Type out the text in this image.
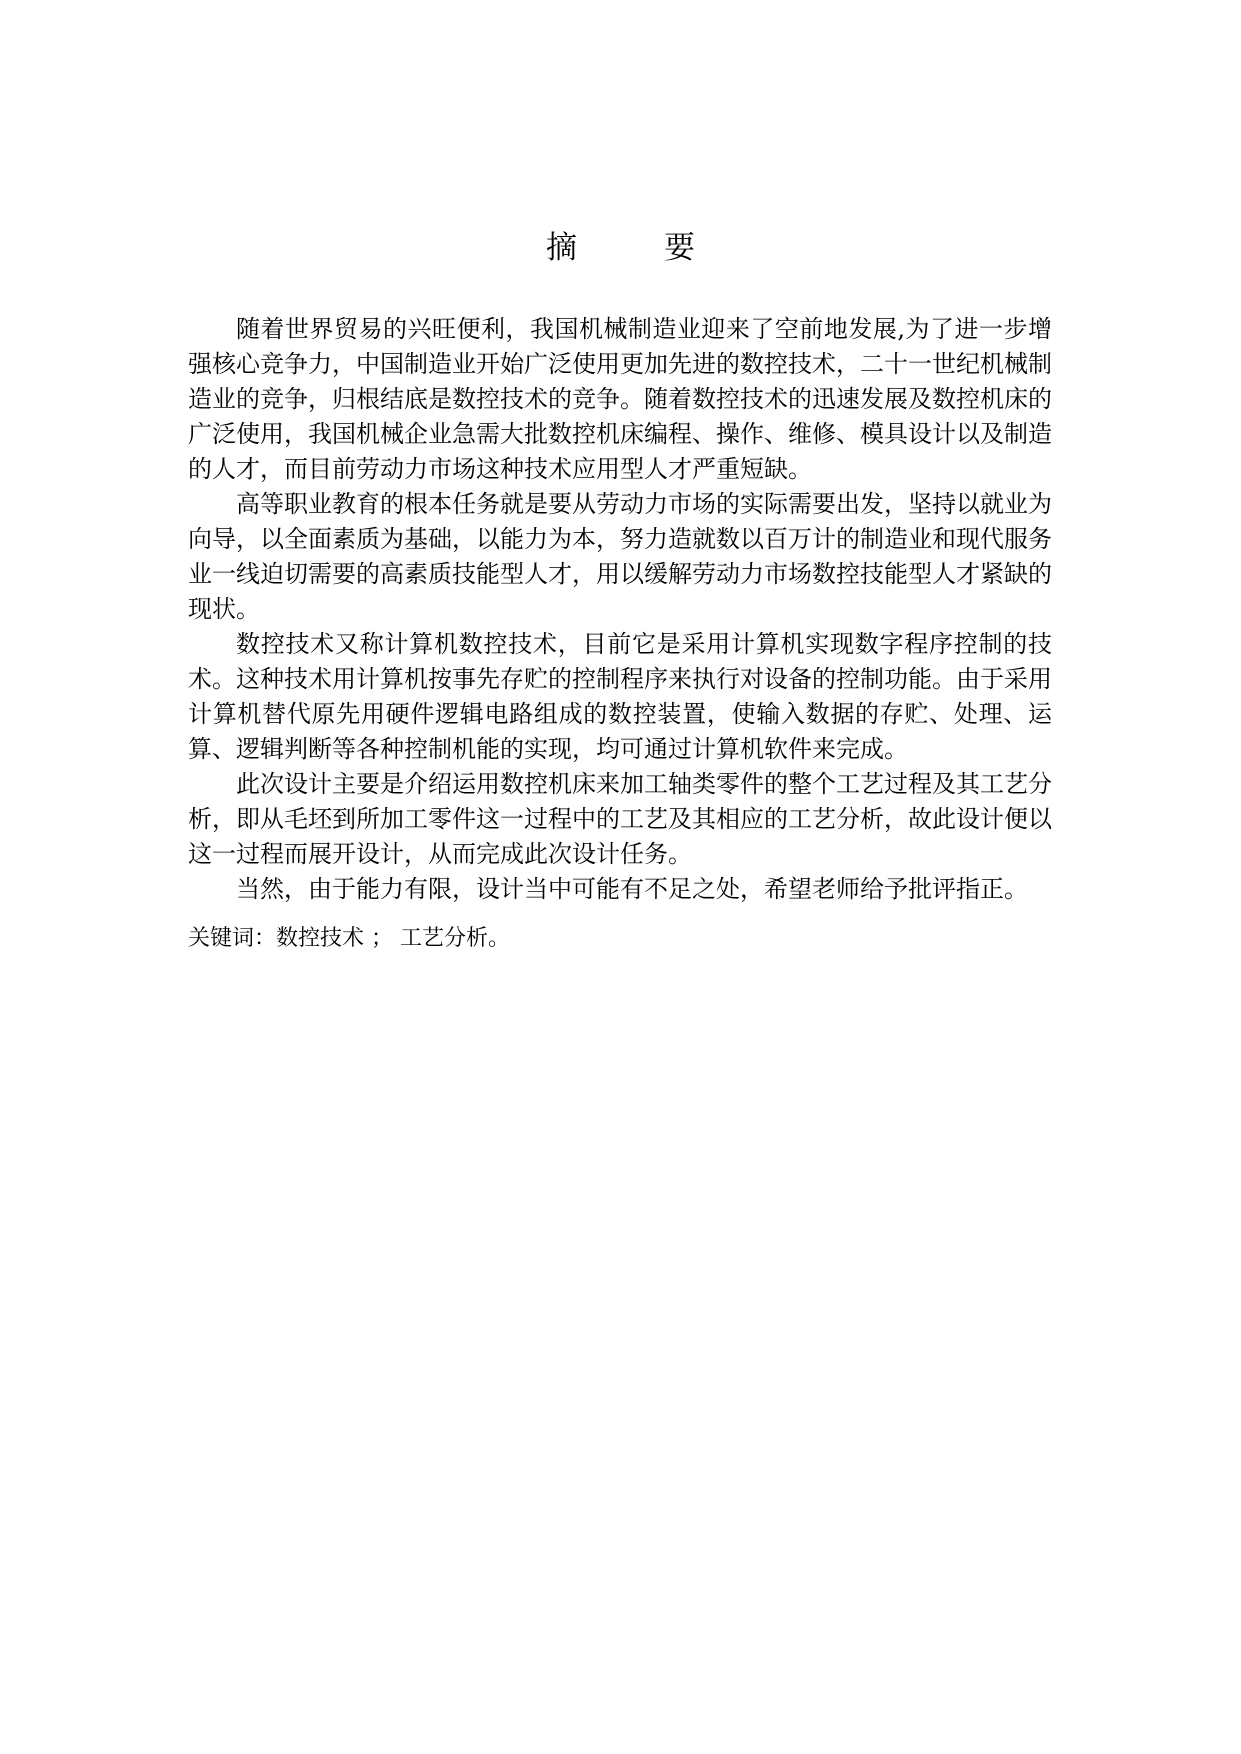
摘　要

随着世界贸易的兴旺便利，我国机械制造业迎来了空前地发展,为了进一步增强核心竞争力，中国制造业开始广泛使用更加先进的数控技术，二十一世纪机械制造业的竞争，归根结底是数控技术的竞争。随着数控技术的迅速发展及数控机床的广泛使用，我国机械企业急需大批数控机床编程、操作、维修、模具设计以及制造的人才，而目前劳动力市场这种技术应用型人才严重短缺。

高等职业教育的根本任务就是要从劳动力市场的实际需要出发，坚持以就业为向导，以全面素质为基础，以能力为本，努力造就数以百万计的制造业和现代服务业一线迫切需要的高素质技能型人才，用以缓解劳动力市场数控技能型人才紧缺的现状。

数控技术又称计算机数控技术，目前它是采用计算机实现数字程序控制的技术。这种技术用计算机按事先存贮的控制程序来执行对设备的控制功能。由于采用计算机替代原先用硬件逻辑电路组成的数控装置，使输入数据的存贮、处理、运算、逻辑判断等各种控制机能的实现，均可通过计算机软件来完成。

此次设计主要是介绍运用数控机床来加工轴类零件的整个工艺过程及其工艺分析，即从毛坯到所加工零件这一过程中的工艺及其相应的工艺分析，故此设计便以这一过程而展开设计，从而完成此次设计任务。

当然，由于能力有限，设计当中可能有不足之处，希望老师给予批评指正。

关键词：数控技术 ； 工艺分析。
